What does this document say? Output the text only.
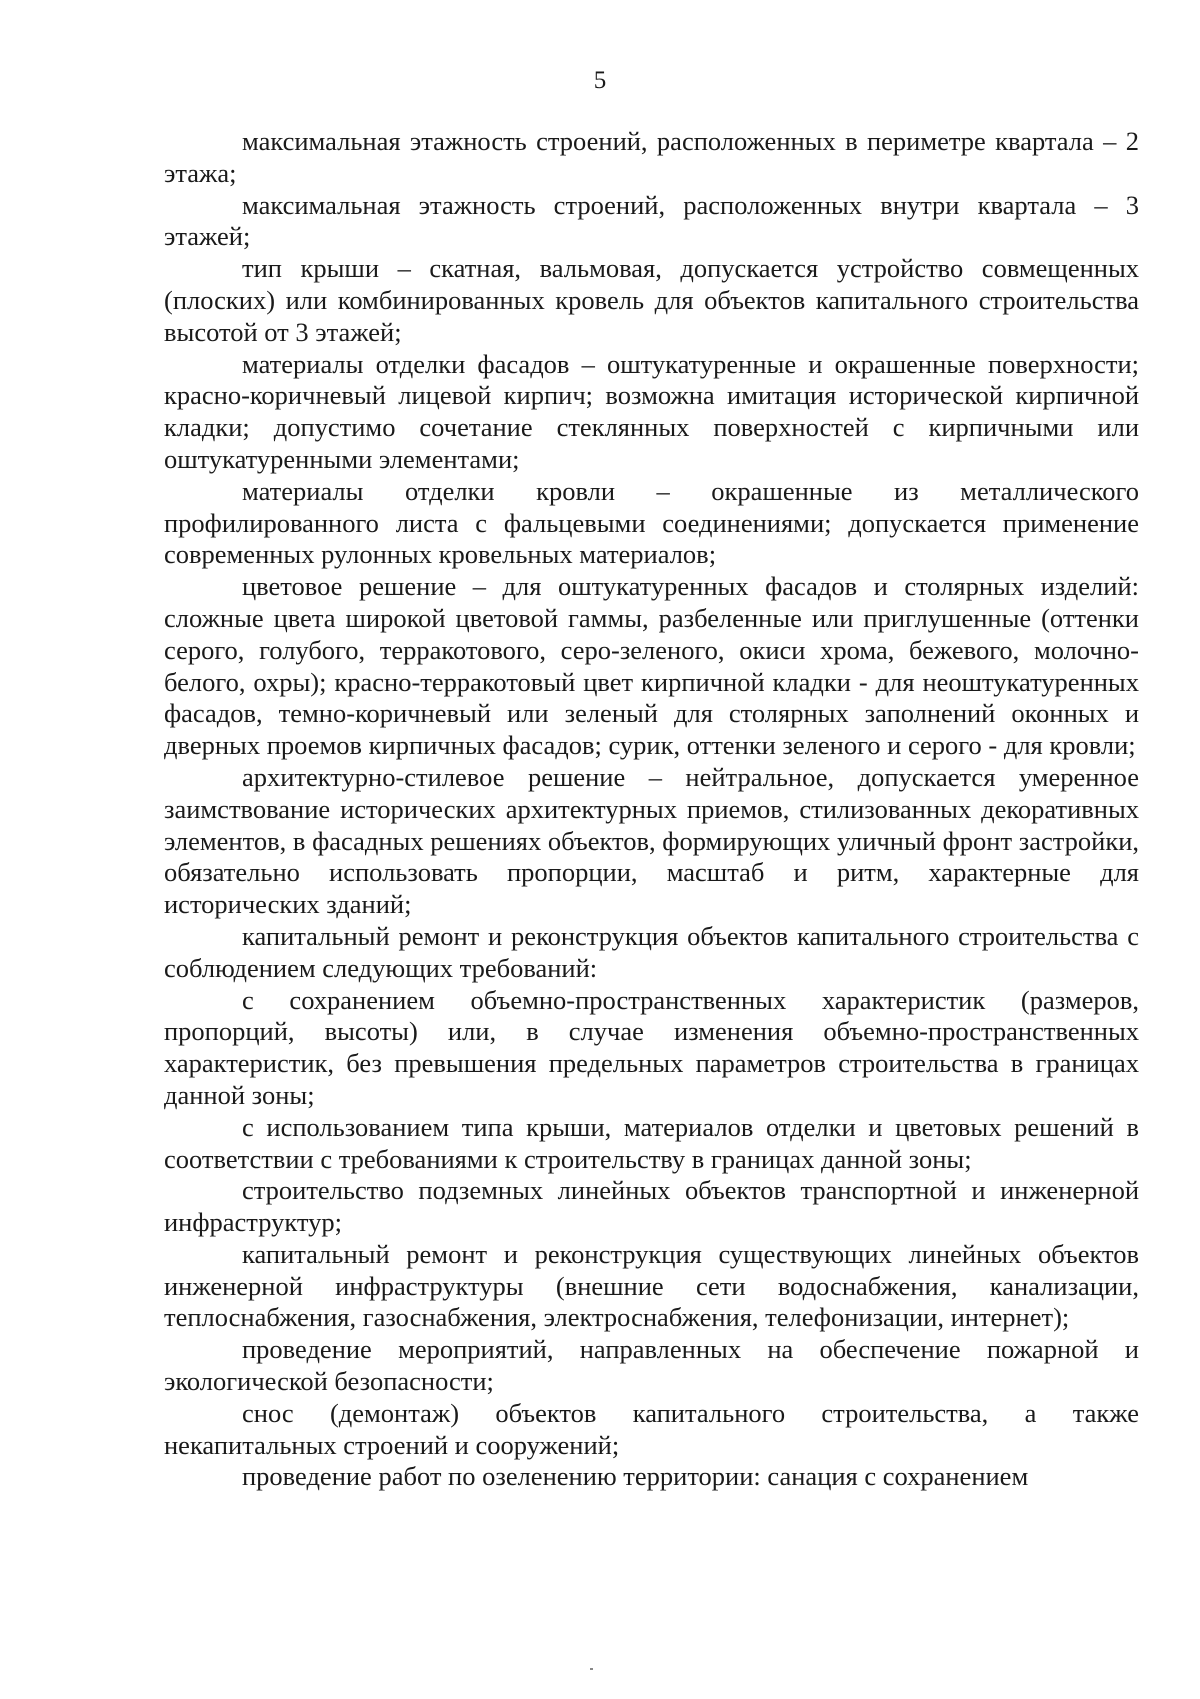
5

максимальная этажность строений, расположенных в периметре квартала – 2 этажа;

максимальная этажность строений, расположенных внутри квартала – 3 этажей;

тип крыши – скатная, вальмовая, допускается устройство совмещенных (плоских) или комбинированных кровель для объектов капитального строительства высотой от 3 этажей;

материалы отделки фасадов – оштукатуренные и окрашенные поверхности; красно-коричневый лицевой кирпич; возможна имитация исторической кирпичной кладки; допустимо сочетание стеклянных поверхностей с кирпичными или оштукатуренными элементами;

материалы отделки кровли – окрашенные из металлического профилированного листа с фальцевыми соединениями; допускается применение современных рулонных кровельных материалов;

цветовое решение – для оштукатуренных фасадов и столярных изделий: сложные цвета широкой цветовой гаммы, разбеленные или приглушенные (оттенки серого, голубого, терракотового, серо-зеленого, окиси хрома, бежевого, молочно-белого, охры); красно-терракотовый цвет кирпичной кладки - для неоштукатуренных фасадов, темно-коричневый или зеленый для столярных заполнений оконных и дверных проемов кирпичных фасадов; сурик, оттенки зеленого и серого - для кровли;

архитектурно-стилевое решение – нейтральное, допускается умеренное заимствование исторических архитектурных приемов, стилизованных декоративных элементов, в фасадных решениях объектов, формирующих уличный фронт застройки, обязательно использовать пропорции, масштаб и ритм, характерные для исторических зданий;

капитальный ремонт и реконструкция объектов капитального строительства с соблюдением следующих требований:

с сохранением объемно-пространственных характеристик (размеров, пропорций, высоты) или, в случае изменения объемно-пространственных характеристик, без превышения предельных параметров строительства в границах данной зоны;

с использованием типа крыши, материалов отделки и цветовых решений в соответствии с требованиями к строительству в границах данной зоны;

строительство подземных линейных объектов транспортной и инженерной инфраструктур;

капитальный ремонт и реконструкция существующих линейных объектов инженерной инфраструктуры (внешние сети водоснабжения, канализации, теплоснабжения, газоснабжения, электроснабжения, телефонизации, интернет);

проведение мероприятий, направленных на обеспечение пожарной и экологической безопасности;

снос (демонтаж) объектов капитального строительства, а также некапитальных строений и сооружений;

проведение работ по озеленению территории: санация с сохранением
